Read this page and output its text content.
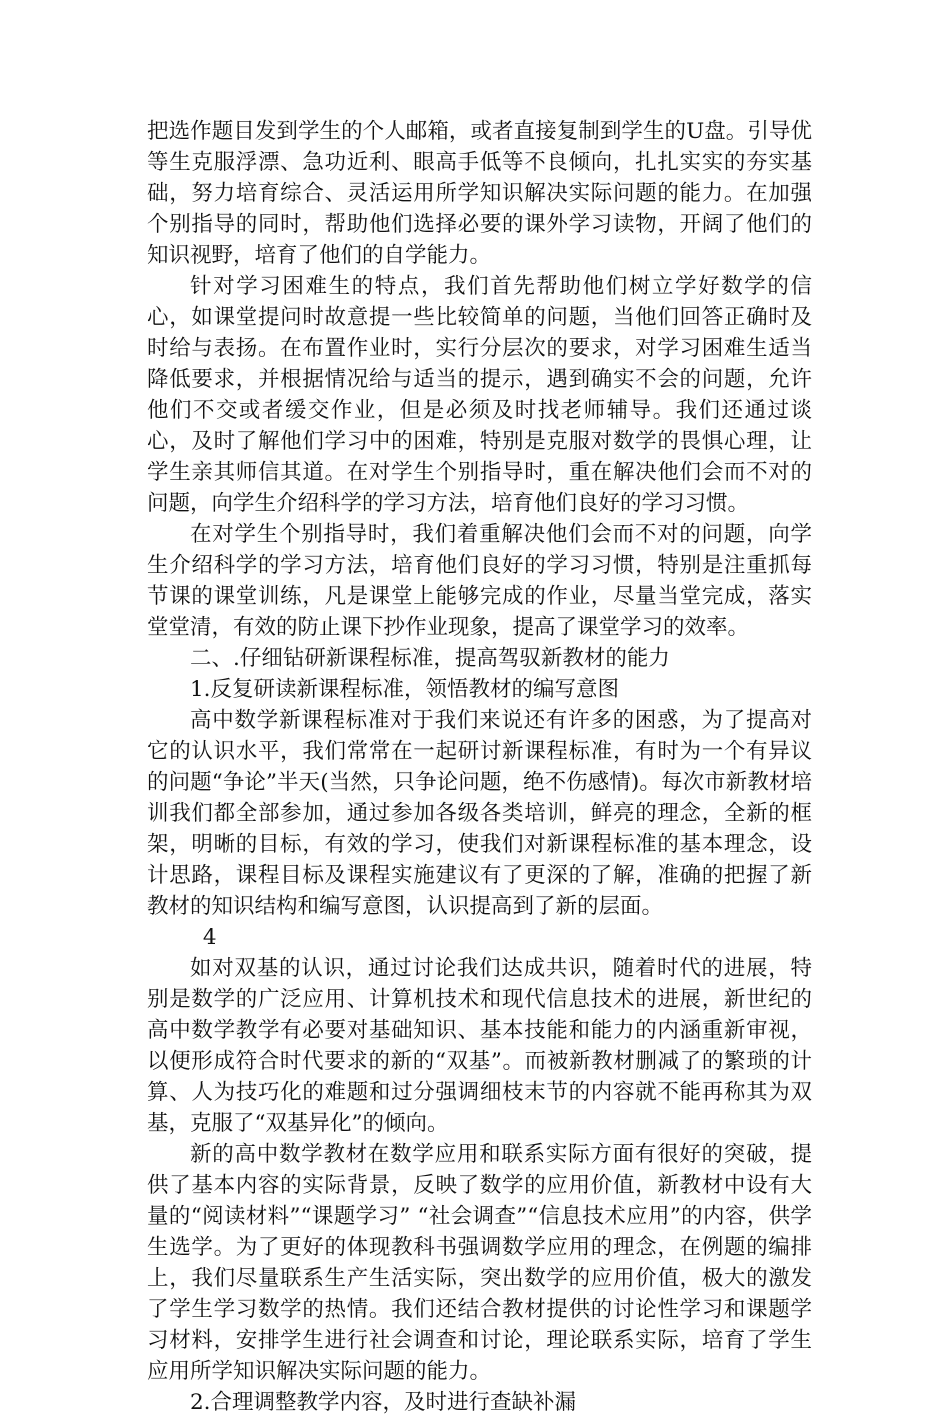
把选作题目发到学生的个人邮箱，或者直接复制到学生的U盘。引导优等生克服浮漂、急功近利、眼高手低等不良倾向，扎扎实实的夯实基础，努力培育综合、灵活运用所学知识解决实际问题的能力。在加强个别指导的同时，帮助他们选择必要的课外学习读物，开阔了他们的知识视野，培育了他们的自学能力。

针对学习困难生的特点，我们首先帮助他们树立学好数学的信心，如课堂提问时故意提一些比较简单的问题，当他们回答正确时及时给与表扬。在布置作业时，实行分层次的要求，对学习困难生适当降低要求，并根据情况给与适当的提示，遇到确实不会的问题，允许他们不交或者缓交作业，但是必须及时找老师辅导。我们还通过谈心，及时了解他们学习中的困难，特别是克服对数学的畏惧心理，让学生亲其师信其道。在对学生个别指导时，重在解决他们会而不对的问题，向学生介绍科学的学习方法，培育他们良好的学习习惯。

在对学生个别指导时，我们着重解决他们会而不对的问题，向学生介绍科学的学习方法，培育他们良好的学习习惯，特别是注重抓每节课的课堂训练，凡是课堂上能够完成的作业，尽量当堂完成，落实堂堂清，有效的防止课下抄作业现象，提高了课堂学习的效率。

二、.仔细钻研新课程标准，提高驾驭新教材的能力

1.反复研读新课程标准，领悟教材的编写意图

高中数学新课程标准对于我们来说还有许多的困惑，为了提高对它的认识水平，我们常常在一起研讨新课程标准，有时为一个有异议的问题“争论”半天(当然，只争论问题，绝不伤感情)。每次市新教材培训我们都全部参加，通过参加各级各类培训，鲜亮的理念，全新的框架，明晰的目标，有效的学习，使我们对新课程标准的基本理念，设计思路，课程目标及课程实施建议有了更深的了解，准确的把握了新教材的知识结构和编写意图，认识提高到了新的层面。

4

如对双基的认识，通过讨论我们达成共识，随着时代的进展，特别是数学的广泛应用、计算机技术和现代信息技术的进展，新世纪的高中数学教学有必要对基础知识、基本技能和能力的内涵重新审视，以便形成符合时代要求的新的“双基”。而被新教材删减了的繁琐的计算、人为技巧化的难题和过分强调细枝末节的内容就不能再称其为双基，克服了“双基异化”的倾向。

新的高中数学教材在数学应用和联系实际方面有很好的突破，提供了基本内容的实际背景，反映了数学的应用价值，新教材中设有大量的“阅读材料”“课题学习” “社会调查”“信息技术应用”的内容，供学生选学。为了更好的体现教科书强调数学应用的理念，在例题的编排上，我们尽量联系生产生活实际，突出数学的应用价值，极大的激发了学生学习数学的热情。我们还结合教材提供的讨论性学习和课题学习材料，安排学生进行社会调查和讨论，理论联系实际，培育了学生应用所学知识解决实际问题的能力。

2.合理调整教学内容，及时进行查缺补漏
